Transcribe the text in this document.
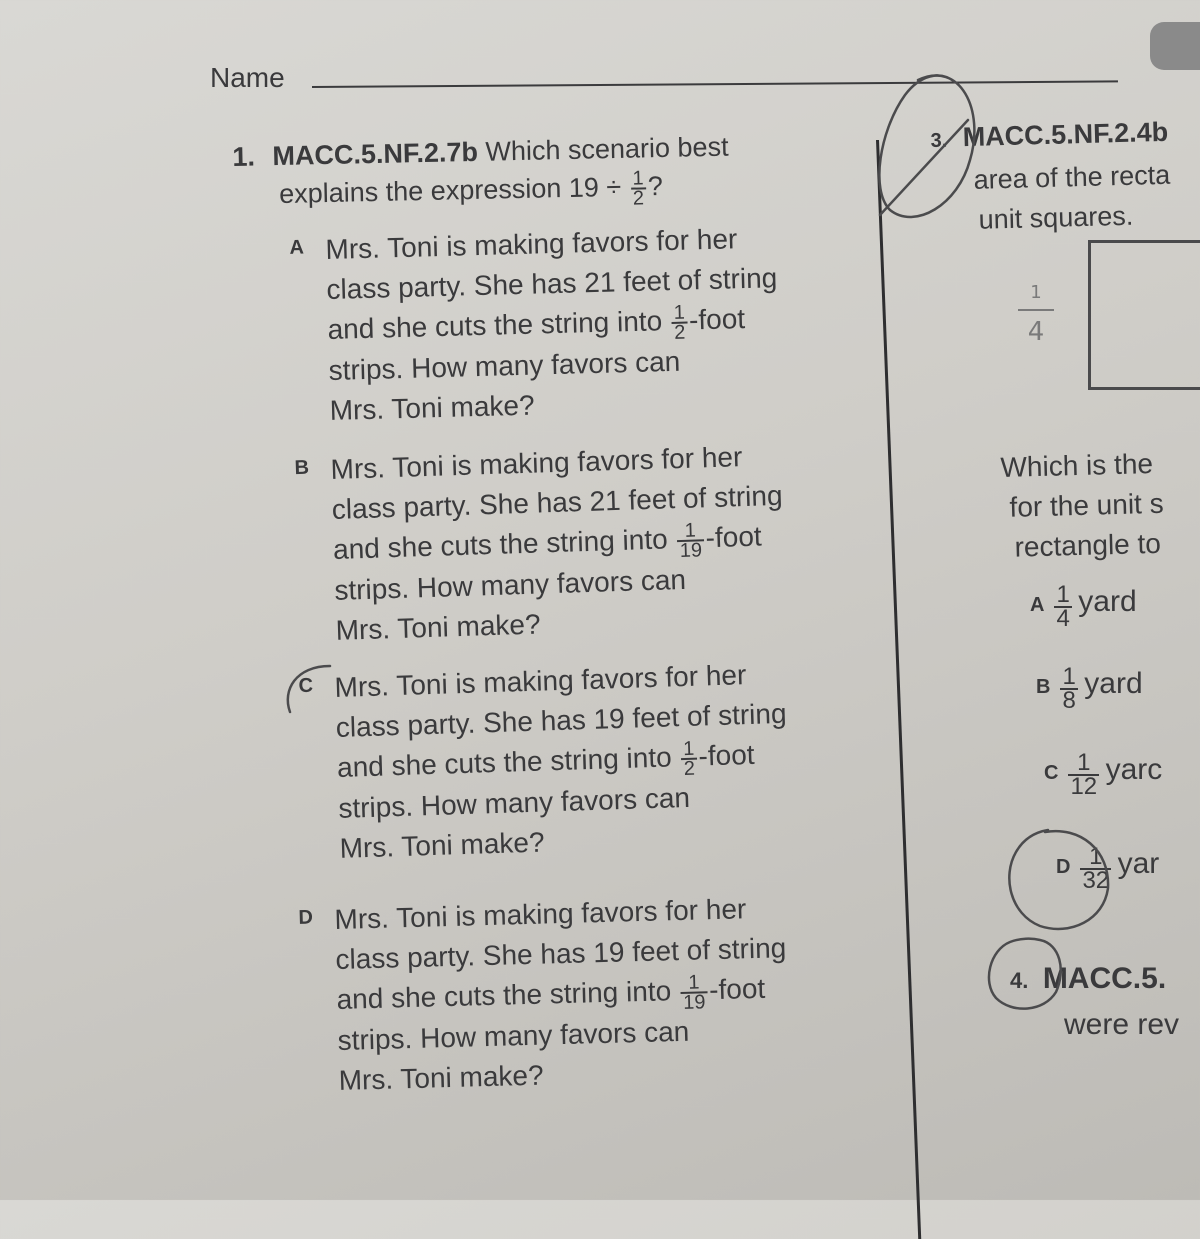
Name
1. MACC.5.NF.2.7b Which scenario best
explains the expression $19 \div \frac{1}{2}$ ?
A Mrs. Toni is making favors for her
class party. She has 21 feet of string
and she cuts the string into $\frac{1}{2}$ -foot
strips. How many favors can
Mrs. Toni make?
B Mrs. Toni is making favors for her
class party. She has 21 feet of string
and she cuts the string into $\frac{1}{19}$ -foot
strips. How many favors can
Mrs. Toni make?
C Mrs. Toni is making favors for her
class party. She has 19 feet of string
and she cuts the string into $\frac{1}{2}$ -foot
strips. How many favors can
Mrs. Toni make?
D Mrs. Toni is making favors for her
class party. She has 19 feet of string
and she cuts the string into $\frac{1}{19}$ -foot
strips. How many favors can
Mrs. Toni make?
3. MACC.5.NF.2.4b
area of the recta
unit squares.
1
4
Which is the
for the unit s
rectangle to
A $\frac{1}{4}$ yard
B $\frac{1}{8}$ yard
C $\frac{1}{12}$ yarc
D $\frac{1}{32}$ yar
4. MACC.5.
were rev
